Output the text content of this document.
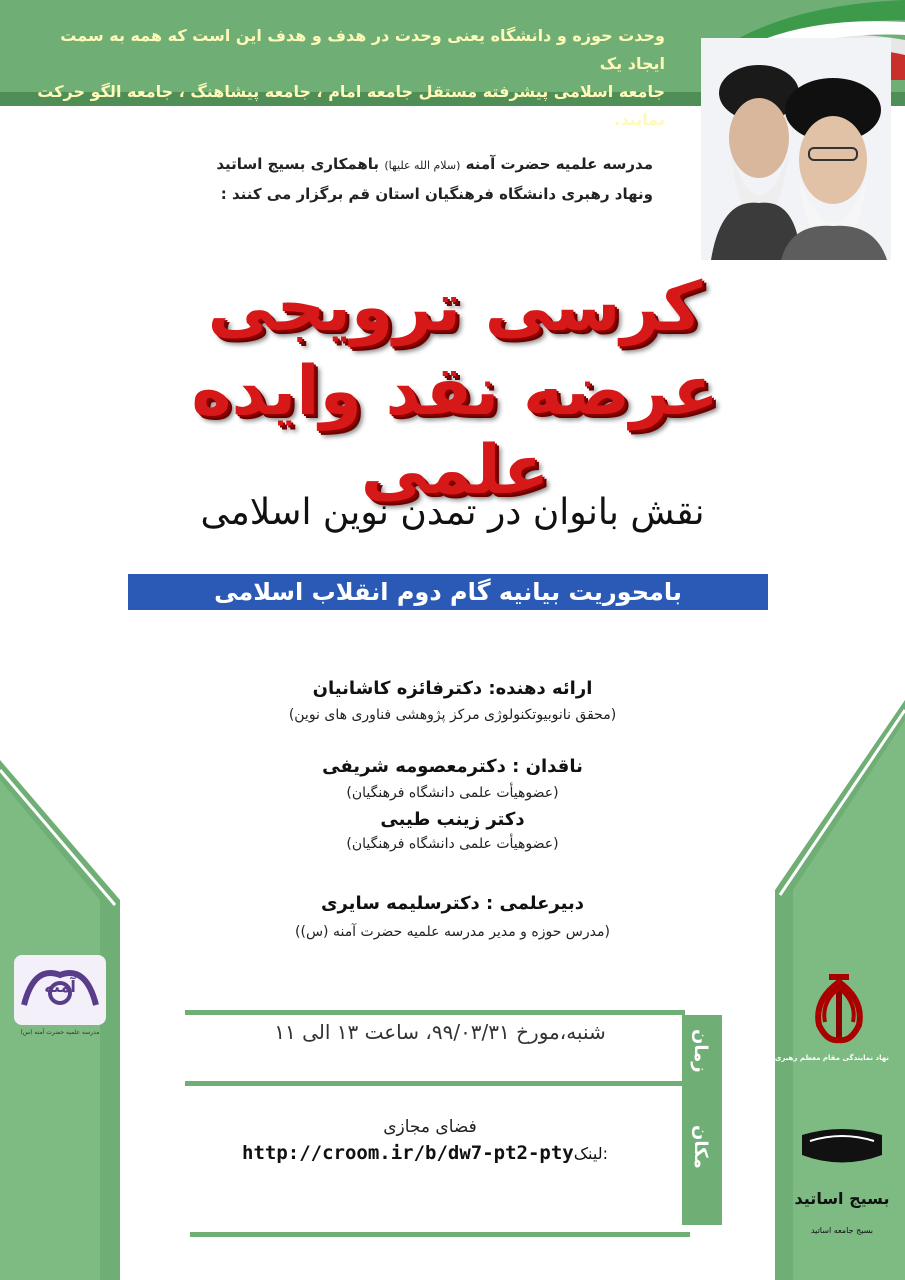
وحدت حوزه و دانشگاه یعنی وحدت در هدف و هدف این است که همه به سمت ایجاد یک
جامعه اسلامی پیشرفته مستقل جامعه امام ، جامعه پیشاهنگ ، جامعه الگو حرکت نمایند.
مدرسه علمیه حضرت آمنه (سلام الله علیها) باهمکاری بسیج اساتید
ونهاد رهبری دانشگاه فرهنگیان استان قم برگزار می کنند :
کرسی ترویجی
عرضه نقد وایده علمی
نقش بانوان در تمدن نوین اسلامی
بامحوریت بیانیه گام دوم انقلاب اسلامی
آمنه
مدرسه علمیه حضرت آمنه (س)
نهاد نمایندگی مقام معظم رهبری در دانشگاه‌ها
بسیج اساتید
بسیج جامعه اساتید
ارائه دهنده: دکترفائزه کاشانیان
(محقق نانوبیوتکنولوژی مرکز پژوهشی فناوری های نوین)
ناقدان : دکترمعصومه شریفی
(عضوهیأت علمی دانشگاه فرهنگیان)
دکتر زینب طیبی
(عضوهیأت علمی دانشگاه فرهنگیان)
دبیرعلمی : دکترسلیمه سایری
(مدرس حوزه و مدیر مدرسه علمیه حضرت آمنه (س))
زمان
مکان
شنبه،مورخ ۹۹/۰۳/۳۱، ساعت ۱۳ الی ۱۱
فضای مجازی
http://croom.ir/b/dw7-pt2-ptyلینک:
